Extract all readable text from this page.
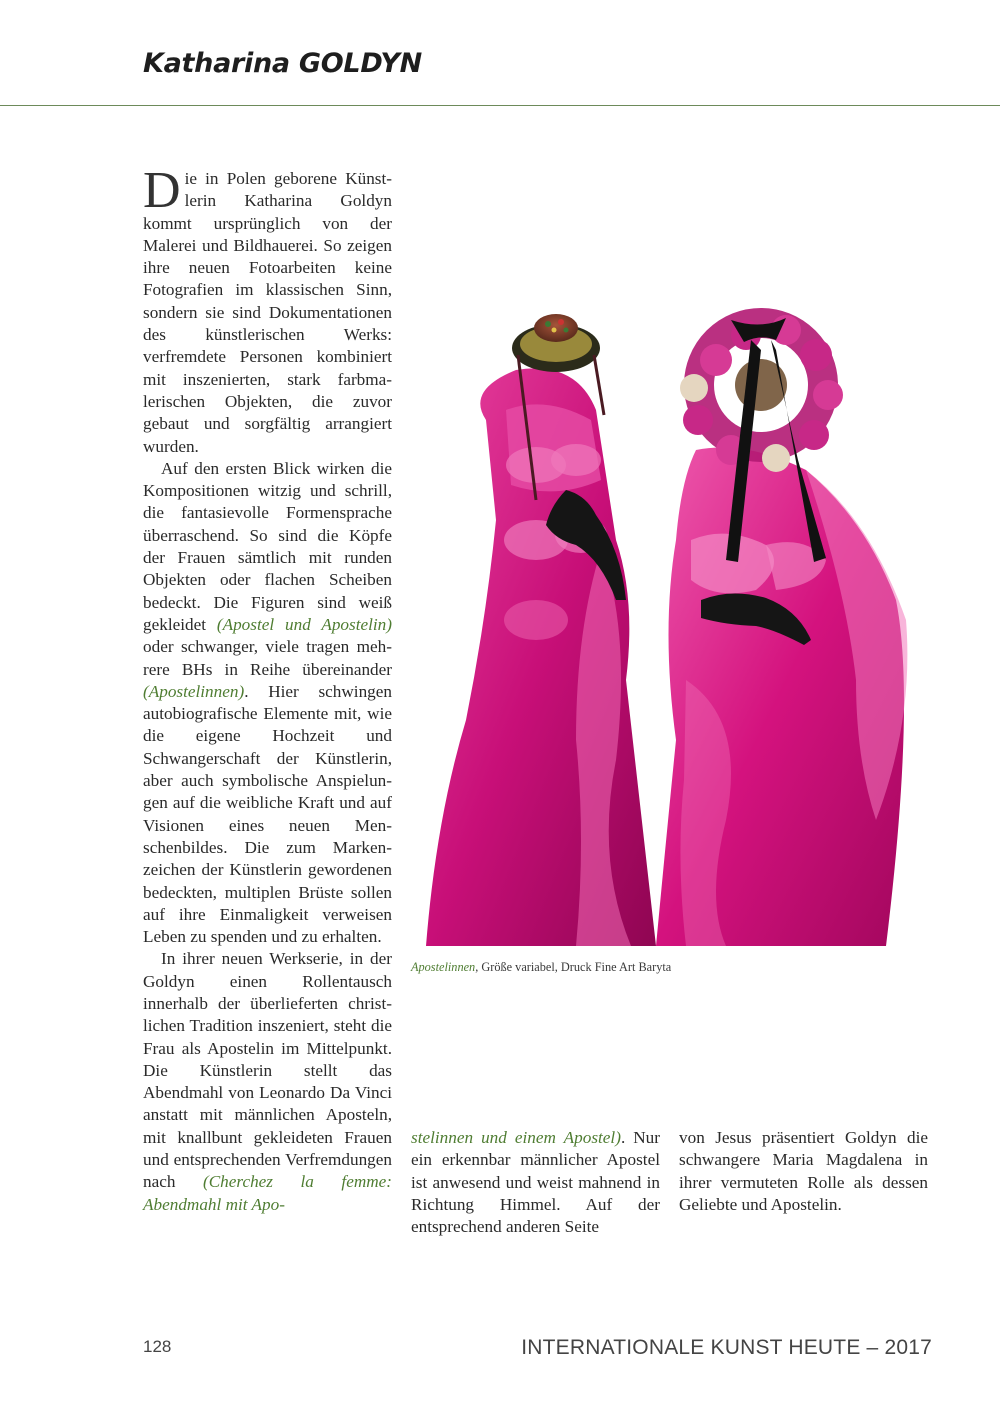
Katharina GOLDYN

Die in Polen geborene Künstlerin Katharina Goldyn kommt ursprünglich von der Malerei und Bildhauerei. So zeigen ihre neuen Fotoarbeiten keine Fotografien im klassischen Sinn, sondern sie sind Dokumentationen des künstlerischen Werks: verfremdete Personen kombiniert mit inszenierten, stark farbmalerischen Objekten, die zuvor gebaut und sorgfältig arrangiert wurden.

Auf den ersten Blick wirken die Kompositionen witzig und schrill, die fantasievolle Formensprache überraschend. So sind die Köpfe der Frauen sämtlich mit runden Objekten oder flachen Scheiben bedeckt. Die Figuren sind weiß gekleidet (Apostel und Apostelin) oder schwanger, viele tragen mehrere BHs in Reihe übereinander (Apostelinnen). Hier schwingen autobiografische Elemente mit, wie die eigene Hochzeit und Schwangerschaft der Künstlerin, aber auch symbolische Anspielungen auf die weibliche Kraft und auf Visionen eines neuen Menschenbildes. Die zum Markenzeichen der Künstlerin gewordenen bedeckten, multiplen Brüste sollen auf ihre Einmaligkeit verweisen Leben zu spenden und zu erhalten.

In ihrer neuen Werkserie, in der Goldyn einen Rollentausch innerhalb der überlieferten christlichen Tradition inszeniert, steht die Frau als Apostelin im Mittelpunkt. Die Künstlerin stellt das Abendmahl von Leonardo Da Vinci anstatt mit männlichen Aposteln, mit knallbunt gekleideten Frauen und entsprechenden Verfremdungen nach (Cherchez la femme: Abendmahl mit Apo-

Apostelinnen, Größe variabel, Druck Fine Art Baryta

stelinnen und einem Apostel). Nur ein erkennbar männlicher Apostel ist anwesend und weist mahnend in Richtung Himmel. Auf der entsprechend anderen Seite

von Jesus präsentiert Goldyn die schwangere Maria Magdalena in ihrer vermuteten Rolle als dessen Geliebte und Apostelin.

128	INTERNATIONALE KUNST HEUTE – 2017
